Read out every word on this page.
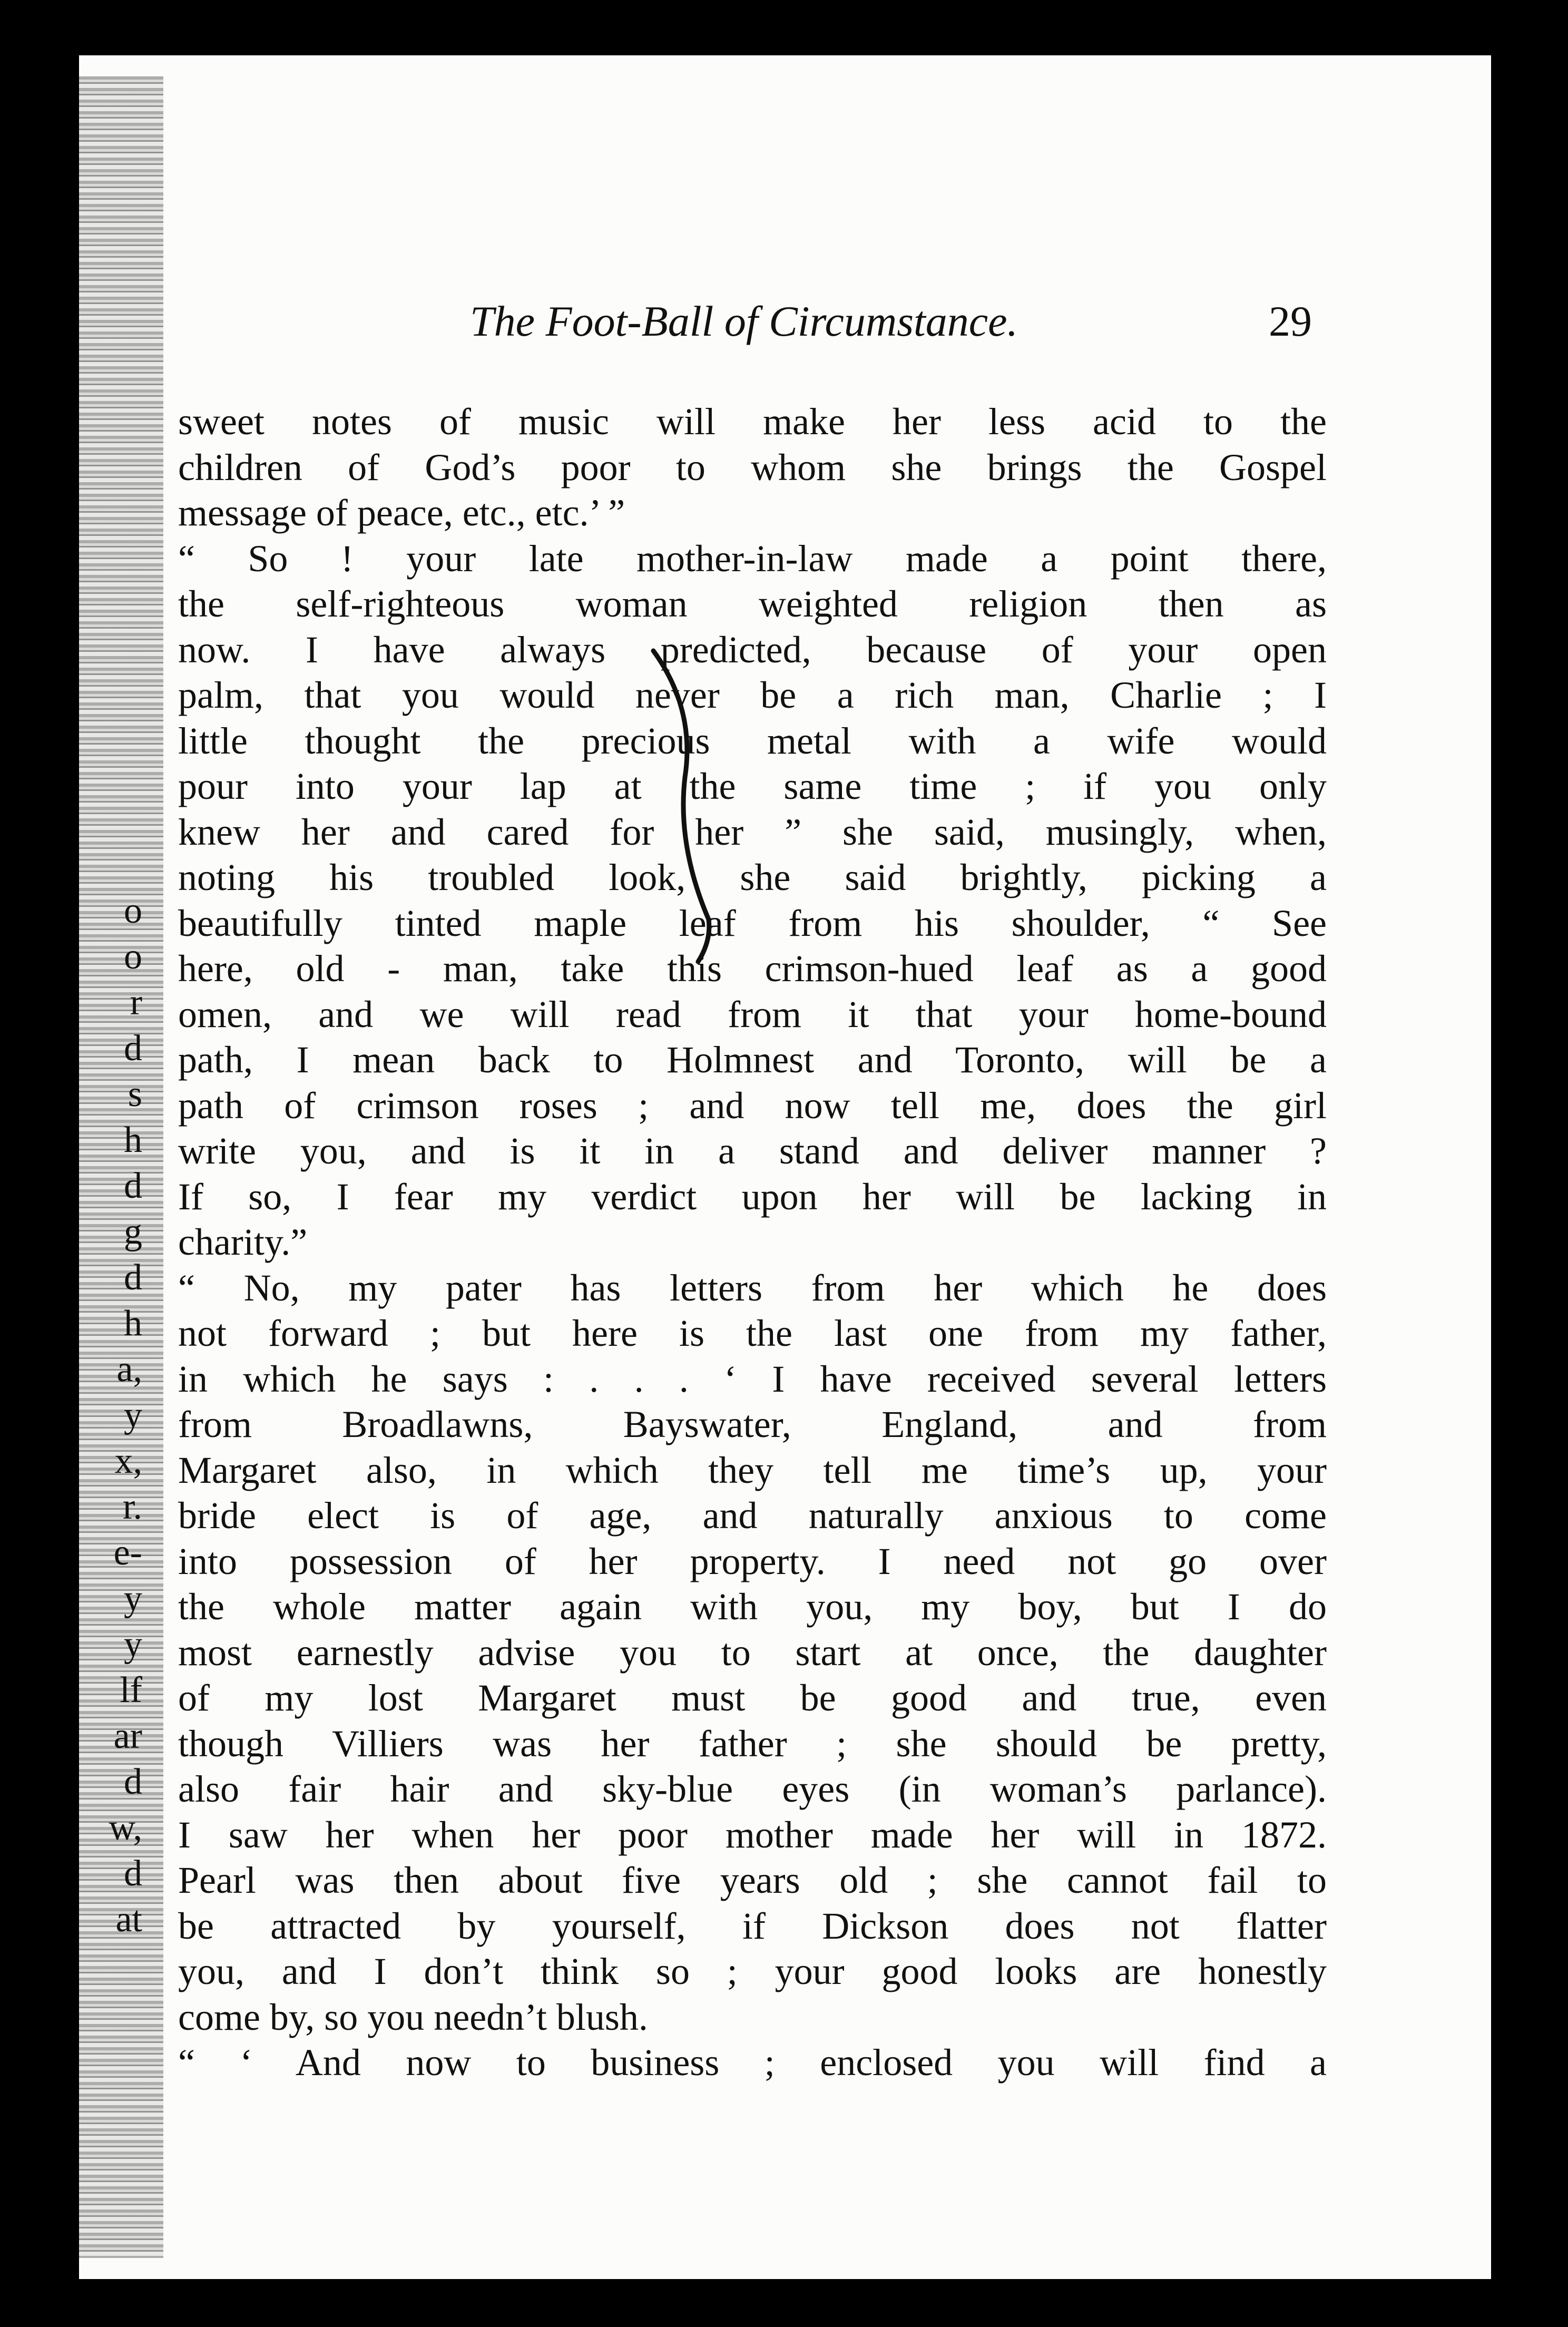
o
o
r
d
s
h
d
g
d
h
a,
y
x,
r.
e-
y
y
lf
ar
d
w,
d
at
The Foot-Ball of Circumstance.	29
sweet notes of music will make her less acid to the
children of God’s poor to whom she brings the Gospel
message of peace, etc., etc.’ ”
“ So ! your late mother-in-law made a point there,
the self-righteous woman weighted religion then as
now. I have always predicted, because of your open
palm, that you would never be a rich man, Charlie ; I
little thought the precious metal with a wife would
pour into your lap at the same time ; if you only
knew her and cared for her ” she said, musingly, when,
noting his troubled look, she said brightly, picking a
beautifully tinted maple leaf from his shoulder, “ See
here, old - man, take this crimson-hued leaf as a good
omen, and we will read from it that your home-bound
path, I mean back to Holmnest and Toronto, will be a
path of crimson roses ; and now tell me, does the girl
write you, and is it in a stand and deliver manner ?
If so, I fear my verdict upon her will be lacking in
charity.”
“ No, my pater has letters from her which he does
not forward ; but here is the last one from my father,
in which he says : . . . ‘ I have received several letters
from Broadlawns, Bayswater, England, and from
Margaret also, in which they tell me time’s up, your
bride elect is of age, and naturally anxious to come
into possession of her property. I need not go over
the whole matter again with you, my boy, but I do
most earnestly advise you to start at once, the daughter
of my lost Margaret must be good and true, even
though Villiers was her father ; she should be pretty,
also fair hair and sky-blue eyes (in woman’s parlance).
I saw her when her poor mother made her will in 1872.
Pearl was then about five years old ; she cannot fail to
be attracted by yourself, if Dickson does not flatter
you, and I don’t think so ; your good looks are honestly
come by, so you needn’t blush.
“ ‘ And now to business ; enclosed you will find a
